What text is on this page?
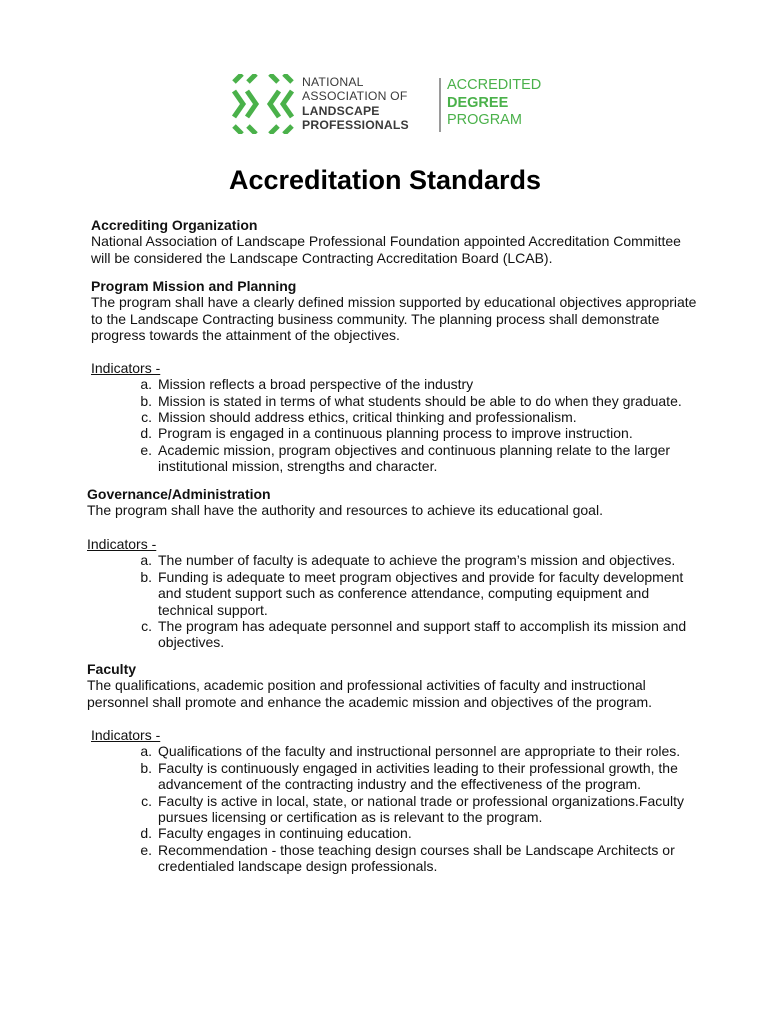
NATIONAL
ASSOCIATION OF
LANDSCAPE
PROFESSIONALS
ACCREDITED
DEGREE
PROGRAM
Accreditation Standards
Accrediting Organization
National Association of Landscape Professional Foundation appointed Accreditation Committee
will be considered the Landscape Contracting Accreditation Board (LCAB).
Program Mission and Planning
The program shall have a clearly defined mission supported by educational objectives appropriate
to the Landscape Contracting business community. The planning process shall demonstrate
progress towards the attainment of the objectives.
Indicators -
a. Mission reflects a broad perspective of the industry
b. Mission is stated in terms of what students should be able to do when they graduate.
c. Mission should address ethics, critical thinking and professionalism.
d. Program is engaged in a continuous planning process to improve instruction.
e. Academic mission, program objectives and continuous planning relate to the larger
institutional mission, strengths and character.
Governance/Administration
The program shall have the authority and resources to achieve its educational goal.
Indicators -
a. The number of faculty is adequate to achieve the program’s mission and objectives.
b. Funding is adequate to meet program objectives and provide for faculty development
and student support such as conference attendance, computing equipment and
technical support.
c. The program has adequate personnel and support staff to accomplish its mission and
objectives.
Faculty
The qualifications, academic position and professional activities of faculty and instructional
personnel shall promote and enhance the academic mission and objectives of the program.
Indicators -
a. Qualifications of the faculty and instructional personnel are appropriate to their roles.
b. Faculty is continuously engaged in activities leading to their professional growth, the
advancement of the contracting industry and the effectiveness of the program.
c. Faculty is active in local, state, or national trade or professional organizations.Faculty
pursues licensing or certification as is relevant to the program.
d. Faculty engages in continuing education.
e. Recommendation - those teaching design courses shall be Landscape Architects or
credentialed landscape design professionals.
